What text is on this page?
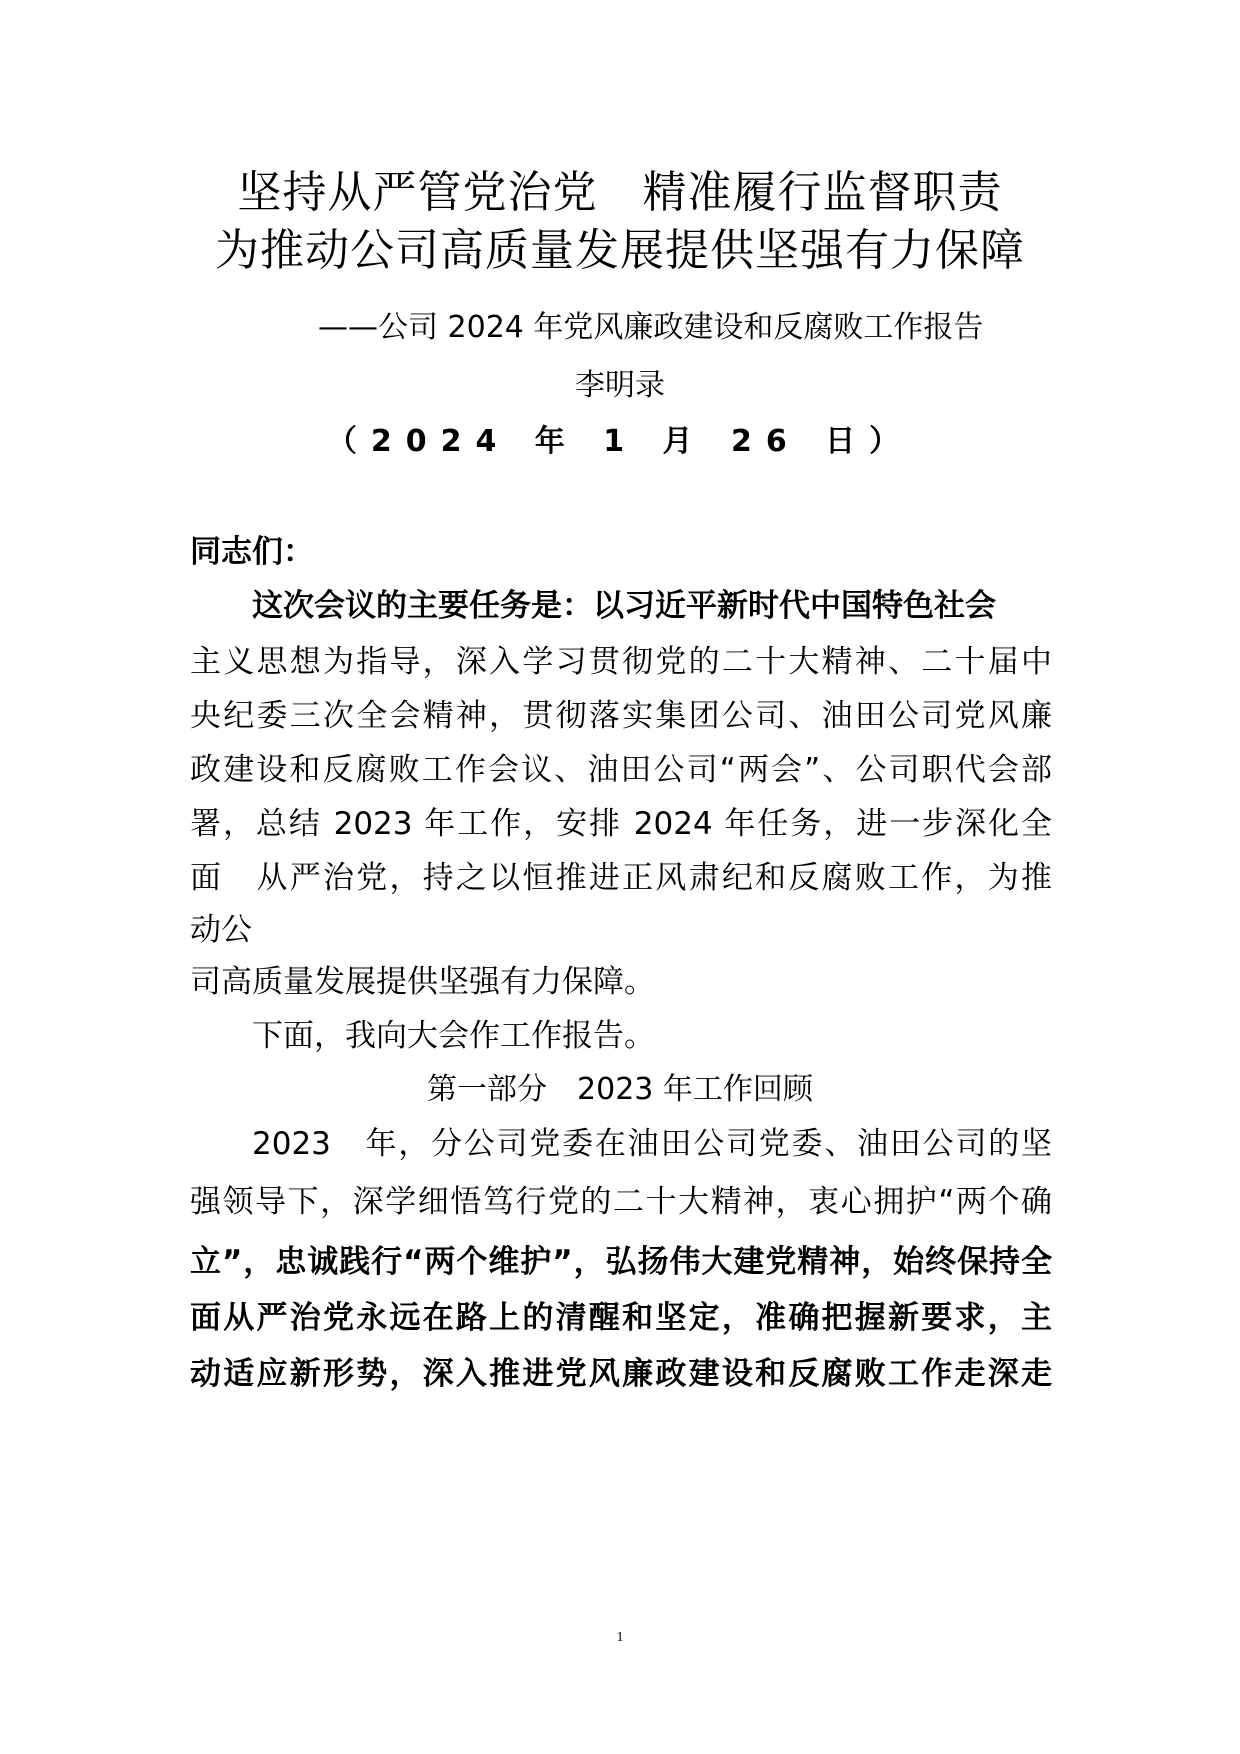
坚持从严管党治党　精准履行监督职责
为推动公司高质量发展提供坚强有力保障
——公司 2024 年党风廉政建设和反腐败工作报告
李明录
（2024 年 1 月 26 日）
同志们：
这次会议的主要任务是：以习近平新时代中国特色社会
主义思想为指导，深入学习贯彻党的二十大精神、二十届中
央纪委三次全会精神，贯彻落实集团公司、油田公司党风廉
政建设和反腐败工作会议、油田公司“两会”、公司职代会部
署，总结 2023 年工作，安排 2024 年任务，进一步深化全
面　从严治党，持之以恒推进正风肃纪和反腐败工作，为推
动公
司高质量发展提供坚强有力保障。
下面，我向大会作工作报告。
第一部分　2023 年工作回顾
2023　年，分公司党委在油田公司党委、油田公司的坚
强领导下，深学细悟笃行党的二十大精神，衷心拥护“两个确
立”，忠诚践行“两个维护”，弘扬伟大建党精神，始终保持全
面从严治党永远在路上的清醒和坚定，准确把握新要求，主
动适应新形势，深入推进党风廉政建设和反腐败工作走深走
1
